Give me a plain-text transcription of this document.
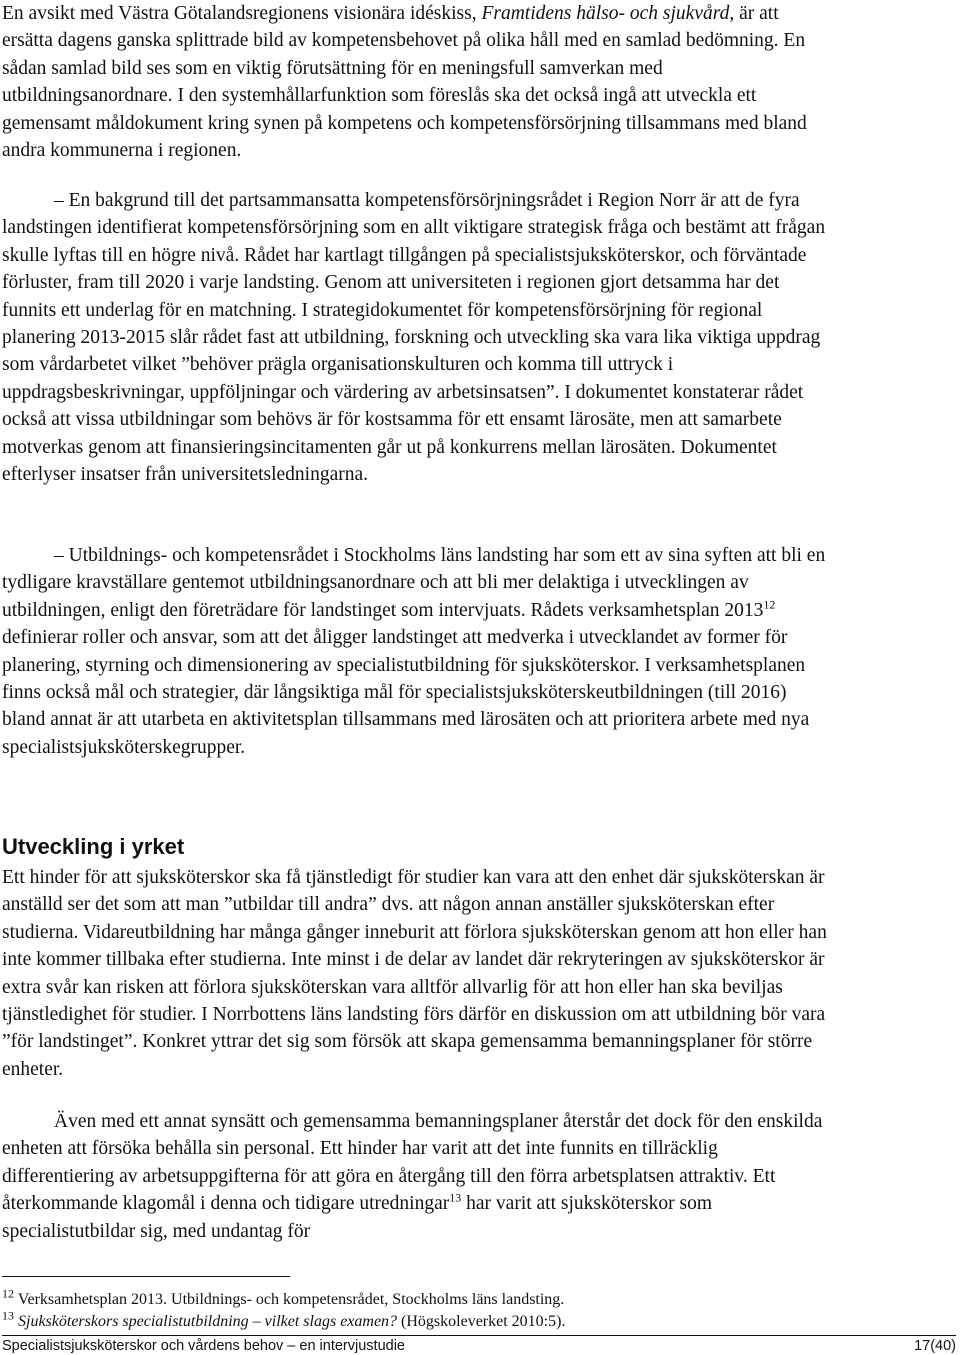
En avsikt med Västra Götalandsregionens visionära idéskiss, Framtidens hälso- och sjukvård, är att ersätta dagens ganska splittrade bild av kompetensbehovet på olika håll med en samlad bedömning. En sådan samlad bild ses som en viktig förutsättning för en meningsfull samverkan med utbildningsanordnare. I den systemhållarfunktion som föreslås ska det också ingå att utveckla ett gemensamt måldokument kring synen på kompetens och kompetensförsörjning tillsammans med bland andra kommunerna i regionen.

– En bakgrund till det partsammansatta kompetensförsörjningsrådet i Region Norr är att de fyra landstingen identifierat kompetensförsörjning som en allt viktigare strategisk fråga och bestämt att frågan skulle lyftas till en högre nivå. Rådet har kartlagt tillgången på specialistsjuksköterskor, och förväntade förluster, fram till 2020 i varje landsting. Genom att universiteten i regionen gjort detsamma har det funnits ett underlag för en matchning. I strategidokumentet för kompetensförsörjning för regional planering 2013-2015 slår rådet fast att utbildning, forskning och utveckling ska vara lika viktiga uppdrag som vårdarbetet vilket ”behöver prägla organisationskulturen och komma till uttryck i uppdragsbeskrivningar, uppföljningar och värdering av arbetsinsatsen”. I dokumentet konstaterar rådet också att vissa utbildningar som behövs är för kostsamma för ett ensamt lärosäte, men att samarbete motverkas genom att finansieringsincitamenten går ut på konkurrens mellan lärosäten. Dokumentet efterlyser insatser från universitetsledningarna.

– Utbildnings- och kompetensrådet i Stockholms läns landsting har som ett av sina syften att bli en tydligare kravställare gentemot utbildningsanordnare och att bli mer delaktiga i utvecklingen av utbildningen, enligt den företrädare för landstinget som intervjuats. Rådets verksamhetsplan 2013$^{12}$ definierar roller och ansvar, som att det åligger landstinget att medverka i utvecklandet av former för planering, styrning och dimensionering av specialistutbildning för sjuksköterskor. I verksamhetsplanen finns också mål och strategier, där långsiktiga mål för specialistsjuksköterskeutbildningen (till 2016) bland annat är att utarbeta en aktivitetsplan tillsammans med lärosäten och att prioritera arbete med nya specialistsjuksköterskegrupper.

Utveckling i yrket

Ett hinder för att sjuksköterskor ska få tjänstledigt för studier kan vara att den enhet där sjuksköterskan är anställd ser det som att man ”utbildar till andra” dvs. att någon annan anställer sjuksköterskan efter studierna. Vidareutbildning har många gånger inneburit att förlora sjuksköterskan genom att hon eller han inte kommer tillbaka efter studierna. Inte minst i de delar av landet där rekryteringen av sjuksköterskor är extra svår kan risken att förlora sjuksköterskan vara alltför allvarlig för att hon eller han ska beviljas tjänstledighet för studier. I Norrbottens läns landsting förs därför en diskussion om att utbildning bör vara ”för landstinget”. Konkret yttrar det sig som försök att skapa gemensamma bemanningsplaner för större enheter.

Även med ett annat synsätt och gemensamma bemanningsplaner återstår det dock för den enskilda enheten att försöka behålla sin personal. Ett hinder har varit att det inte funnits en tillräcklig differentiering av arbetsuppgifterna för att göra en återgång till den förra arbetsplatsen attraktiv. Ett återkommande klagomål i denna och tidigare utredningar$^{13}$ har varit att sjuksköterskor som specialistutbildar sig, med undantag för

$^{12}$ Verksamhetsplan 2013. Utbildnings- och kompetensrådet, Stockholms läns landsting.

$^{13}$ Sjuksköterskors specialistutbildning – vilket slags examen? (Högskoleverket 2010:5).

Specialistsjuksköterskor och vårdens behov – en intervjustudie	17(40)
